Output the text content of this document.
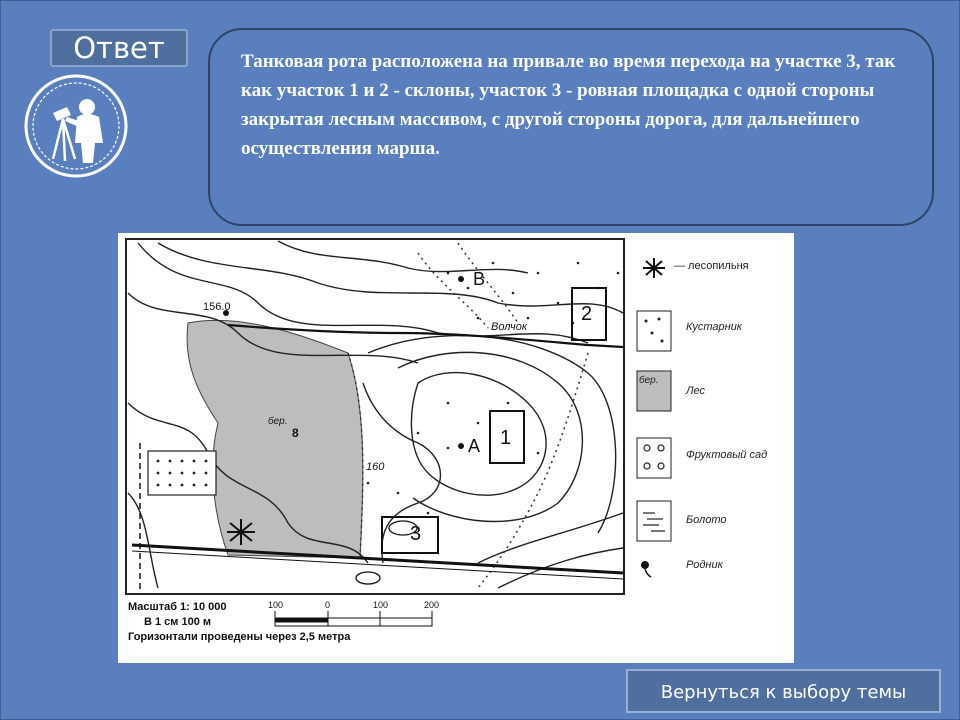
Ответ	Танковая рота расположена на привале во время перехода на участке 3, так как участок 1 и 2 - склоны, участок 3 - ровная площадка с одной стороны закрытая лесным массивом, с другой стороны дорога, для дальнейшего осуществления марша.

156.0
160
Волчок
А
В
1
2
3
бер.
8
— лесопильня
Кустарник
бер.
Лес
Фруктовый сад
Болото
Родник
Масштаб 1: 10 000
В 1 см 100 м
Горизонтали проведены через 2,5 метра
100	0	100	200
Вернуться к выбору темы
